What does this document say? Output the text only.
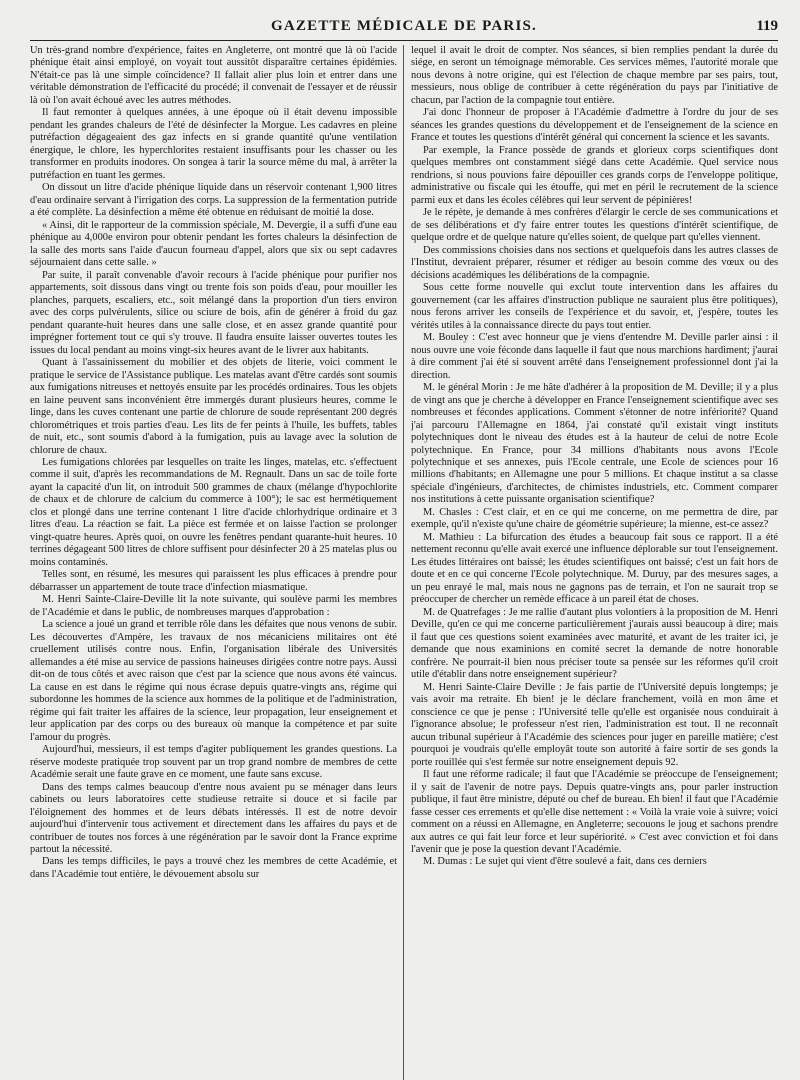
GAZETTE MÉDICALE DE PARIS.	119

Un très-grand nombre d'expérience, faites en Angleterre, ont montré que là où l'acide phénique était ainsi employé, on voyait tout aussitôt disparaître certaines épidémies. N'était-ce pas là une simple coïncidence? Il fallait alier plus loin et entrer dans une véritable démonstration de l'efficacité du procédé; il convenait de l'essayer et de réussir là où l'on avait échoué avec les autres méthodes.

Il faut remonter à quelques années, à une époque où il était devenu impossible pendant les grandes chaleurs de l'été de désinfecter la Morgue. Les cadavres en pleine putréfaction dégageaient des gaz infects en si grande quantité qu'une ventilation énergique, le chlore, les hyperchlorites restaient insuffisants pour les chasser ou les transformer en produits inodores. On songea à tarir la source même du mal, à arrêter la putréfaction en tuant les germes.

On dissout un litre d'acide phénique liquide dans un réservoir contenant 1,900 litres d'eau ordinaire servant à l'irrigation des corps. La suppression de la fermentation putride a été complète. La désinfection a même été obtenue en réduisant de moitié la dose.

« Ainsi, dit le rapporteur de la commission spéciale, M. Devergie, il a suffi d'une eau phénique au 4,000e environ pour obtenir pendant les fortes chaleurs la désinfection de la salle des morts sans l'aide d'aucun fourneau d'appel, alors que six ou sept cadavres séjournaient dans cette salle. »

Par suite, il paraît convenable d'avoir recours à l'acide phénique pour purifier nos appartements, soit dissous dans vingt ou trente fois son poids d'eau, pour mouiller les planches, parquets, escaliers, etc., soit mélangé dans la proportion d'un tiers environ avec des corps pulvérulents, silice ou sciure de bois, afin de générer à froid du gaz pendant quarante-huit heures dans une salle close, et en assez grande quantité pour imprégner fortement tout ce qui s'y trouve. Il faudra ensuite laisser ouvertes toutes les issues du local pendant au moins vingt-six heures avant de le livrer aux habitants.

Quant à l'assainissement du mobilier et des objets de literie, voici comment le pratique le service de l'Assistance publique. Les matelas avant d'être cardés sont soumis aux fumigations nitreuses et nettoyés ensuite par les procédés ordinaires. Tous les objets en laine peuvent sans inconvénient être immergés durant plusieurs heures, comme le linge, dans les cuves contenant une partie de chlorure de soude représentant 200 degrés chlorométriques et trois parties d'eau. Les lits de fer peints à l'huile, les buffets, tables de nuit, etc., sont soumis d'abord à la fumigation, puis au lavage avec la solution de chlorure de chaux.

Les fumigations chlorées par lesquelles on traite les linges, matelas, etc. s'effectuent comme il suit, d'après les recommandations de M. Regnault. Dans un sac de toile forte ayant la capacité d'un lit, on introduit 500 grammes de chaux (mélange d'hypochlorite de chaux et de chlorure de calcium du commerce à 100°); le sac est hermétiquement clos et plongé dans une terrine contenant 1 litre d'acide chlorhydrique ordinaire et 3 litres d'eau. La réaction se fait. La pièce est fermée et on laisse l'action se prolonger vingt-quatre heures. Après quoi, on ouvre les fenêtres pendant quarante-huit heures. 10 terrines dégageant 500 litres de chlore suffisent pour désinfecter 20 à 25 matelas plus ou moins contaminés.

Telles sont, en résumé, les mesures qui paraissent les plus efficaces à prendre pour débarrasser un appartement de toute trace d'infection miasmatique.

M. Henri Sainte-Claire-Deville lit la note suivante, qui soulève parmi les membres de l'Académie et dans le public, de nombreuses marques d'approbation :

La science a joué un grand et terrible rôle dans les défaites que nous venons de subir. Les découvertes d'Ampère, les travaux de nos mécaniciens militaires ont été cruellement utilisés contre nous. Enfin, l'organisation libérale des Universités allemandes a été mise au service de passions haineuses dirigées contre notre pays. Aussi dit-on de tous côtés et avec raison que c'est par la science que nous avons été vaincus. La cause en est dans le régime qui nous écrase depuis quatre-vingts ans, régime qui subordonne les hommes de la science aux hommes de la politique et de l'administration, régime qui fait traiter les affaires de la science, leur propagation, leur enseignement et leur application par des corps ou des bureaux où manque la compétence et par suite l'amour du progrès.

Aujourd'hui, messieurs, il est temps d'agiter publiquement les grandes questions. La réserve modeste pratiquée trop souvent par un trop grand nombre de membres de cette Académie serait une faute grave en ce moment, une faute sans excuse.

Dans des temps calmes beaucoup d'entre nous avaient pu se ménager dans leurs cabinets ou leurs laboratoires cette studieuse retraite si douce et si facile par l'éloignement des hommes et de leurs débats intéressés. Il est de notre devoir aujourd'hui d'intervenir tous activement et directement dans les affaires du pays et de contribuer de toutes nos forces à une régénération par le savoir dont la France exprime partout la nécessité.

Dans les temps difficiles, le pays a trouvé chez les membres de cette Académie, et dans l'Académie tout entière, le dévouement absolu sur

lequel il avait le droit de compter. Nos séances, si bien remplies pendant la durée du siége, en seront un témoignage mémorable. Ces services mêmes, l'autorité morale que nous devons à notre origine, qui est l'élection de chaque membre par ses pairs, tout, messieurs, nous oblige de contribuer à cette régénération du pays par l'initiative de chacun, par l'action de la compagnie tout entière.

J'ai donc l'honneur de proposer à l'Académie d'admettre à l'ordre du jour de ses séances les grandes questions du développement et de l'enseignement de la science en France et toutes les questions d'intérêt général qui concernent la science et les savants.

Par exemple, la France possède de grands et glorieux corps scientifiques dont quelques membres ont constamment siégé dans cette Académie. Quel service nous rendrions, si nous pouvions faire dépouiller ces grands corps de l'enveloppe politique, administrative ou fiscale qui les étouffe, qui met en péril le recrutement de la science parmi eux et dans les écoles célèbres qui leur servent de pépinières!

Je le répète, je demande à mes confrères d'élargir le cercle de ses communications et de ses délibérations et d'y faire entrer toutes les questions d'intérêt scientifique, de quelque ordre et de quelque nature qu'elles soient, de quelque part qu'elles viennent.

Des commissions choisies dans nos sections et quelquefois dans les autres classes de l'Institut, devraient préparer, résumer et rédiger au besoin comme des vœux ou des décisions académiques les délibérations de la compagnie.

Sous cette forme nouvelle qui exclut toute intervention dans les affaires du gouvernement (car les affaires d'instruction publique ne sauraient plus être politiques), nous ferons arriver les conseils de l'expérience et du savoir, et, j'espère, toutes les vérités utiles à la connaissance directe du pays tout entier.

M. Bouley : C'est avec honneur que je viens d'entendre M. Deville parler ainsi : il nous ouvre une voie féconde dans laquelle il faut que nous marchions hardiment; j'aurai à dire comment j'ai été si souvent arrêté dans l'enseignement professionnel dont j'ai la direction.

M. le général Morin : Je me hâte d'adhérer à la proposition de M. Deville; il y a plus de vingt ans que je cherche à développer en France l'enseignement scientifique avec ses nombreuses et fécondes applications. Comment s'étonner de notre infériorité? Quand j'ai parcouru l'Allemagne en 1864, j'ai constaté qu'il existait vingt instituts polytechniques dont le niveau des études est à la hauteur de celui de notre Ecole polytechnique. En France, pour 34 millions d'habitants nous avons l'Ecole polytechnique et ses annexes, puis l'Ecole centrale, une Ecole de sciences pour 16 millions d'habitants; en Allemagne une pour 5 millions. Et chaque institut a sa classe spéciale d'ingénieurs, d'architectes, de chimistes industriels, etc. Comment comparer nos institutions à cette puissante organisation scientifique?

M. Chasles : C'est clair, et en ce qui me concerne, on me permettra de dire, par exemple, qu'il n'existe qu'une chaire de géométrie supérieure; la mienne, est-ce assez?

M. Mathieu : La bifurcation des études a beaucoup fait sous ce rapport. Il a été nettement reconnu qu'elle avait exercé une influence déplorable sur tout l'enseignement. Les études littéraires ont baissé; les études scientifiques ont baissé; c'est un fait hors de doute et en ce qui concerne l'Ecole polytechnique. M. Duruy, par des mesures sages, a un peu enrayé le mal, mais nous ne gagnons pas de terrain, et l'on ne saurait trop se préoccuper de chercher un remède efficace à un pareil état de choses.

M. de Quatrefages : Je me rallie d'autant plus volontiers à la proposition de M. Henri Deville, qu'en ce qui me concerne particulièrement j'aurais aussi beaucoup à dire; mais il faut que ces questions soient examinées avec maturité, et avant de les traiter ici, je demande que nous examinions en comité secret la demande de notre honorable confrère. Ne pourrait-il bien nous préciser toute sa pensée sur les réformes qu'il croit utile d'établir dans notre enseignement supérieur?

M. Henri Sainte-Claire Deville : Je fais partie de l'Université depuis longtemps; je vais avoir ma retraite. Eh bien! je le déclare franchement, voilà en mon âme et conscience ce que je pense : l'Université telle qu'elle est organisée nous conduirait à l'ignorance absolue; le professeur n'est rien, l'administration est tout. Il ne reconnaît aucun tribunal supérieur à l'Académie des sciences pour juger en pareille matière; c'est pourquoi je voudrais qu'elle employât toute son autorité à faire sortir de ses gonds la porte rouillée qui s'est fermée sur notre enseignement depuis 92.

Il faut une réforme radicale; il faut que l'Académie se préoccupe de l'enseignement; il y sait de l'avenir de notre pays. Depuis quatre-vingts ans, pour parler instruction publique, il faut être ministre, député ou chef de bureau. Eh bien! il faut que l'Académie fasse cesser ces errements et qu'elle dise nettement : « Voilà la vraie voie à suivre; voici comment on a réussi en Allemagne, en Angleterre; secouons le joug et sachons prendre aux autres ce qui fait leur force et leur supériorité. » C'est avec conviction et foi dans l'avenir que je pose la question devant l'Académie.

M. Dumas : Le sujet qui vient d'être soulevé a fait, dans ces derniers
